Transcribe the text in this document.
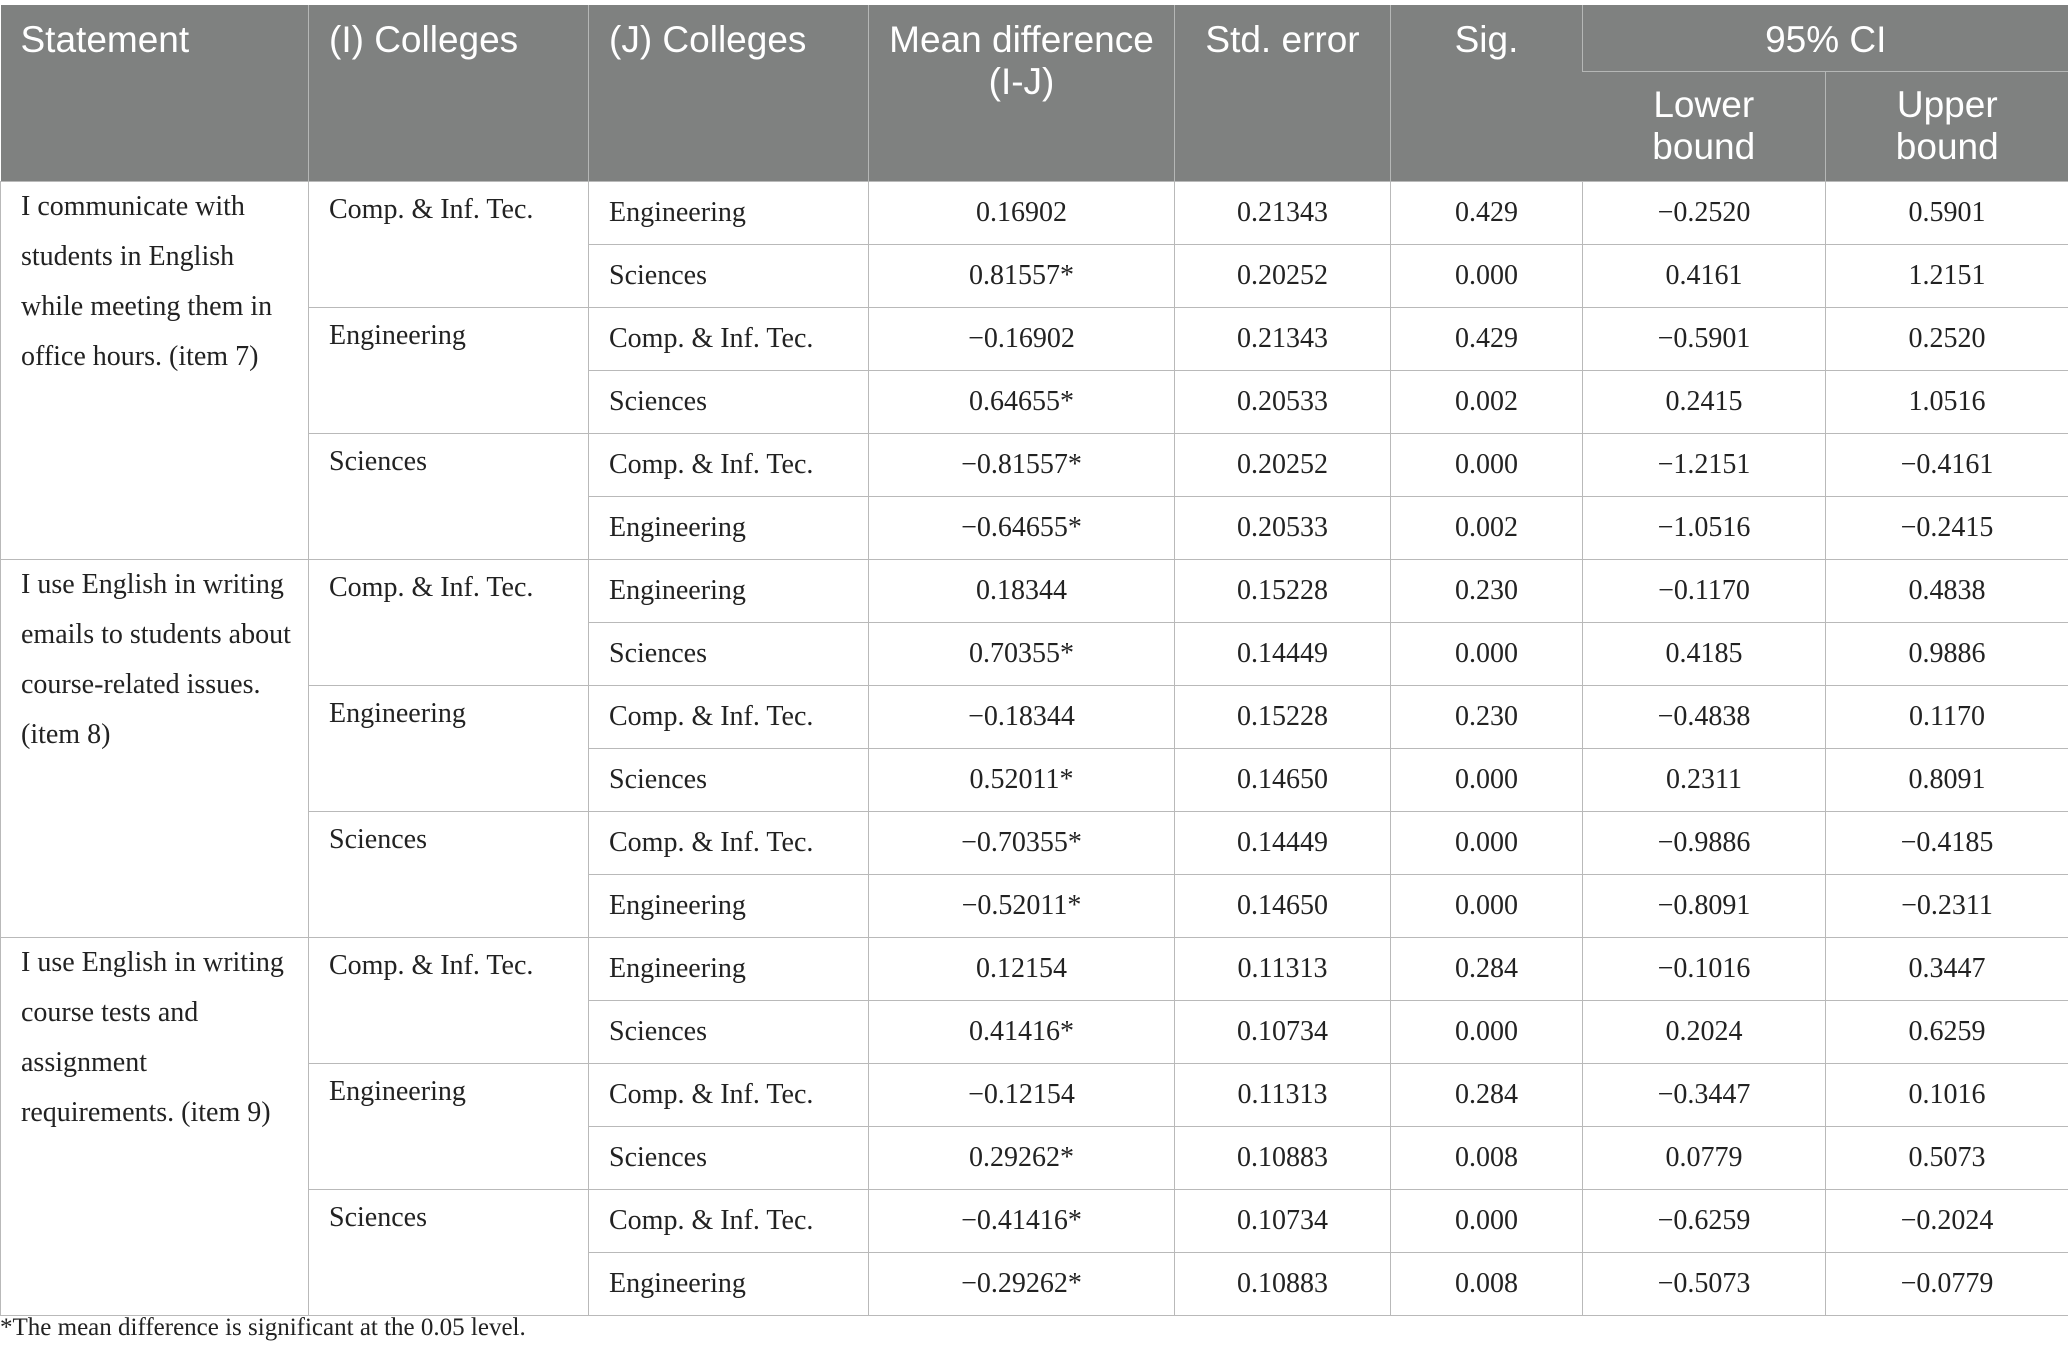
Statement	(I) Colleges	(J) Colleges	Mean difference (I-J)	Std. error	Sig.	95% CI	
						Lower bound	Upper bound
I communicate with students in English while meeting them in office hours. (item 7)	Comp. & Inf. Tec.	Engineering	0.16902	0.21343	0.429	−0.2520	0.5901
		Sciences	0.81557*	0.20252	0.000	0.4161	1.2151
	Engineering	Comp. & Inf. Tec.	−0.16902	0.21343	0.429	−0.5901	0.2520
		Sciences	0.64655*	0.20533	0.002	0.2415	1.0516
	Sciences	Comp. & Inf. Tec.	−0.81557*	0.20252	0.000	−1.2151	−0.4161
		Engineering	−0.64655*	0.20533	0.002	−1.0516	−0.2415
I use English in writing emails to students about course-related issues. (item 8)	Comp. & Inf. Tec.	Engineering	0.18344	0.15228	0.230	−0.1170	0.4838
		Sciences	0.70355*	0.14449	0.000	0.4185	0.9886
	Engineering	Comp. & Inf. Tec.	−0.18344	0.15228	0.230	−0.4838	0.1170
		Sciences	0.52011*	0.14650	0.000	0.2311	0.8091
	Sciences	Comp. & Inf. Tec.	−0.70355*	0.14449	0.000	−0.9886	−0.4185
		Engineering	−0.52011*	0.14650	0.000	−0.8091	−0.2311
I use English in writing course tests and assignment requirements. (item 9)	Comp. & Inf. Tec.	Engineering	0.12154	0.11313	0.284	−0.1016	0.3447
		Sciences	0.41416*	0.10734	0.000	0.2024	0.6259
	Engineering	Comp. & Inf. Tec.	−0.12154	0.11313	0.284	−0.3447	0.1016
		Sciences	0.29262*	0.10883	0.008	0.0779	0.5073
	Sciences	Comp. & Inf. Tec.	−0.41416*	0.10734	0.000	−0.6259	−0.2024
		Engineering	−0.29262*	0.10883	0.008	−0.5073	−0.0779
*The mean difference is significant at the 0.05 level.
